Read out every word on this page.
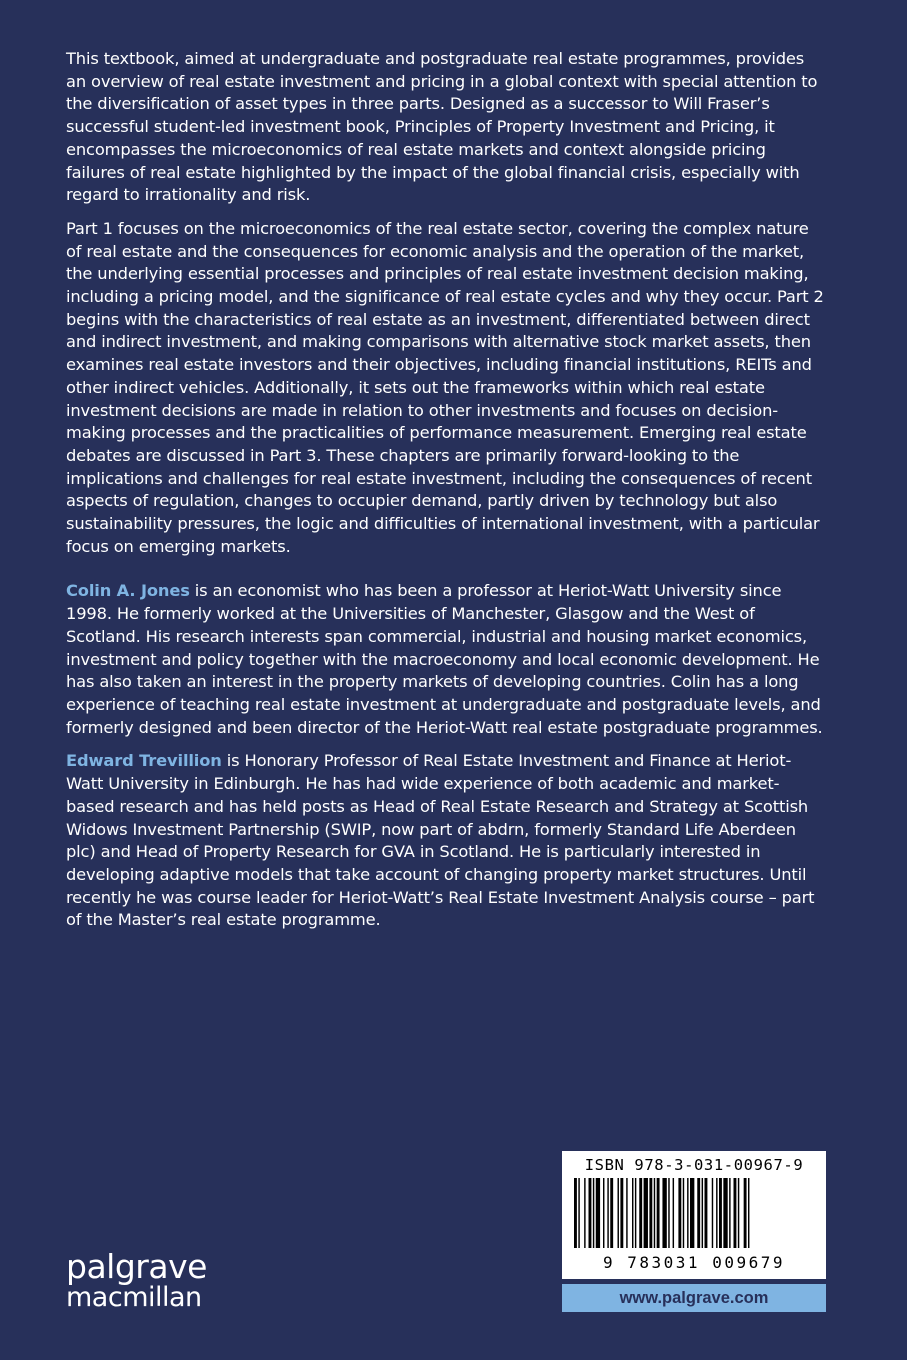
This textbook, aimed at undergraduate and postgraduate real estate programmes, provides an overview of real estate investment and pricing in a global context with special attention to the diversification of asset types in three parts. Designed as a successor to Will Fraser’s successful student-led investment book, Principles of Property Investment and Pricing, it encompasses the microeconomics of real estate markets and context alongside pricing failures of real estate highlighted by the impact of the global financial crisis, especially with regard to irrationality and risk.

Part 1 focuses on the microeconomics of the real estate sector, covering the complex nature of real estate and the consequences for economic analysis and the operation of the market, the underlying essential processes and principles of real estate investment decision making, including a pricing model, and the significance of real estate cycles and why they occur. Part 2 begins with the characteristics of real estate as an investment, differentiated between direct and indirect investment, and making comparisons with alternative stock market assets, then examines real estate investors and their objectives, including financial institutions, REITs and other indirect vehicles. Additionally, it sets out the frameworks within which real estate investment decisions are made in relation to other investments and focuses on decision-making processes and the practicalities of performance measurement. Emerging real estate debates are discussed in Part 3. These chapters are primarily forward-looking to the implications and challenges for real estate investment, including the consequences of recent aspects of regulation, changes to occupier demand, partly driven by technology but also sustainability pressures, the logic and difficulties of international investment, with a particular focus on emerging markets.

Colin A. Jones is an economist who has been a professor at Heriot-Watt University since 1998. He formerly worked at the Universities of Manchester, Glasgow and the West of Scotland. His research interests span commercial, industrial and housing market economics, investment and policy together with the macroeconomy and local economic development. He has also taken an interest in the property markets of developing countries. Colin has a long experience of teaching real estate investment at undergraduate and postgraduate levels, and formerly designed and been director of the Heriot-Watt real estate postgraduate programmes.

Edward Trevillion is Honorary Professor of Real Estate Investment and Finance at Heriot-Watt University in Edinburgh. He has had wide experience of both academic and market-based research and has held posts as Head of Real Estate Research and Strategy at Scottish Widows Investment Partnership (SWIP, now part of abdrn, formerly Standard Life Aberdeen plc) and Head of Property Research for GVA in Scotland. He is particularly interested in developing adaptive models that take account of changing property market structures. Until recently he was course leader for Heriot-Watt’s Real Estate Investment Analysis course – part of the Master’s real estate programme.

palgrave
macmillan
ISBN 978-3-031-00967-9
9 783031 009679
www.palgrave.com
